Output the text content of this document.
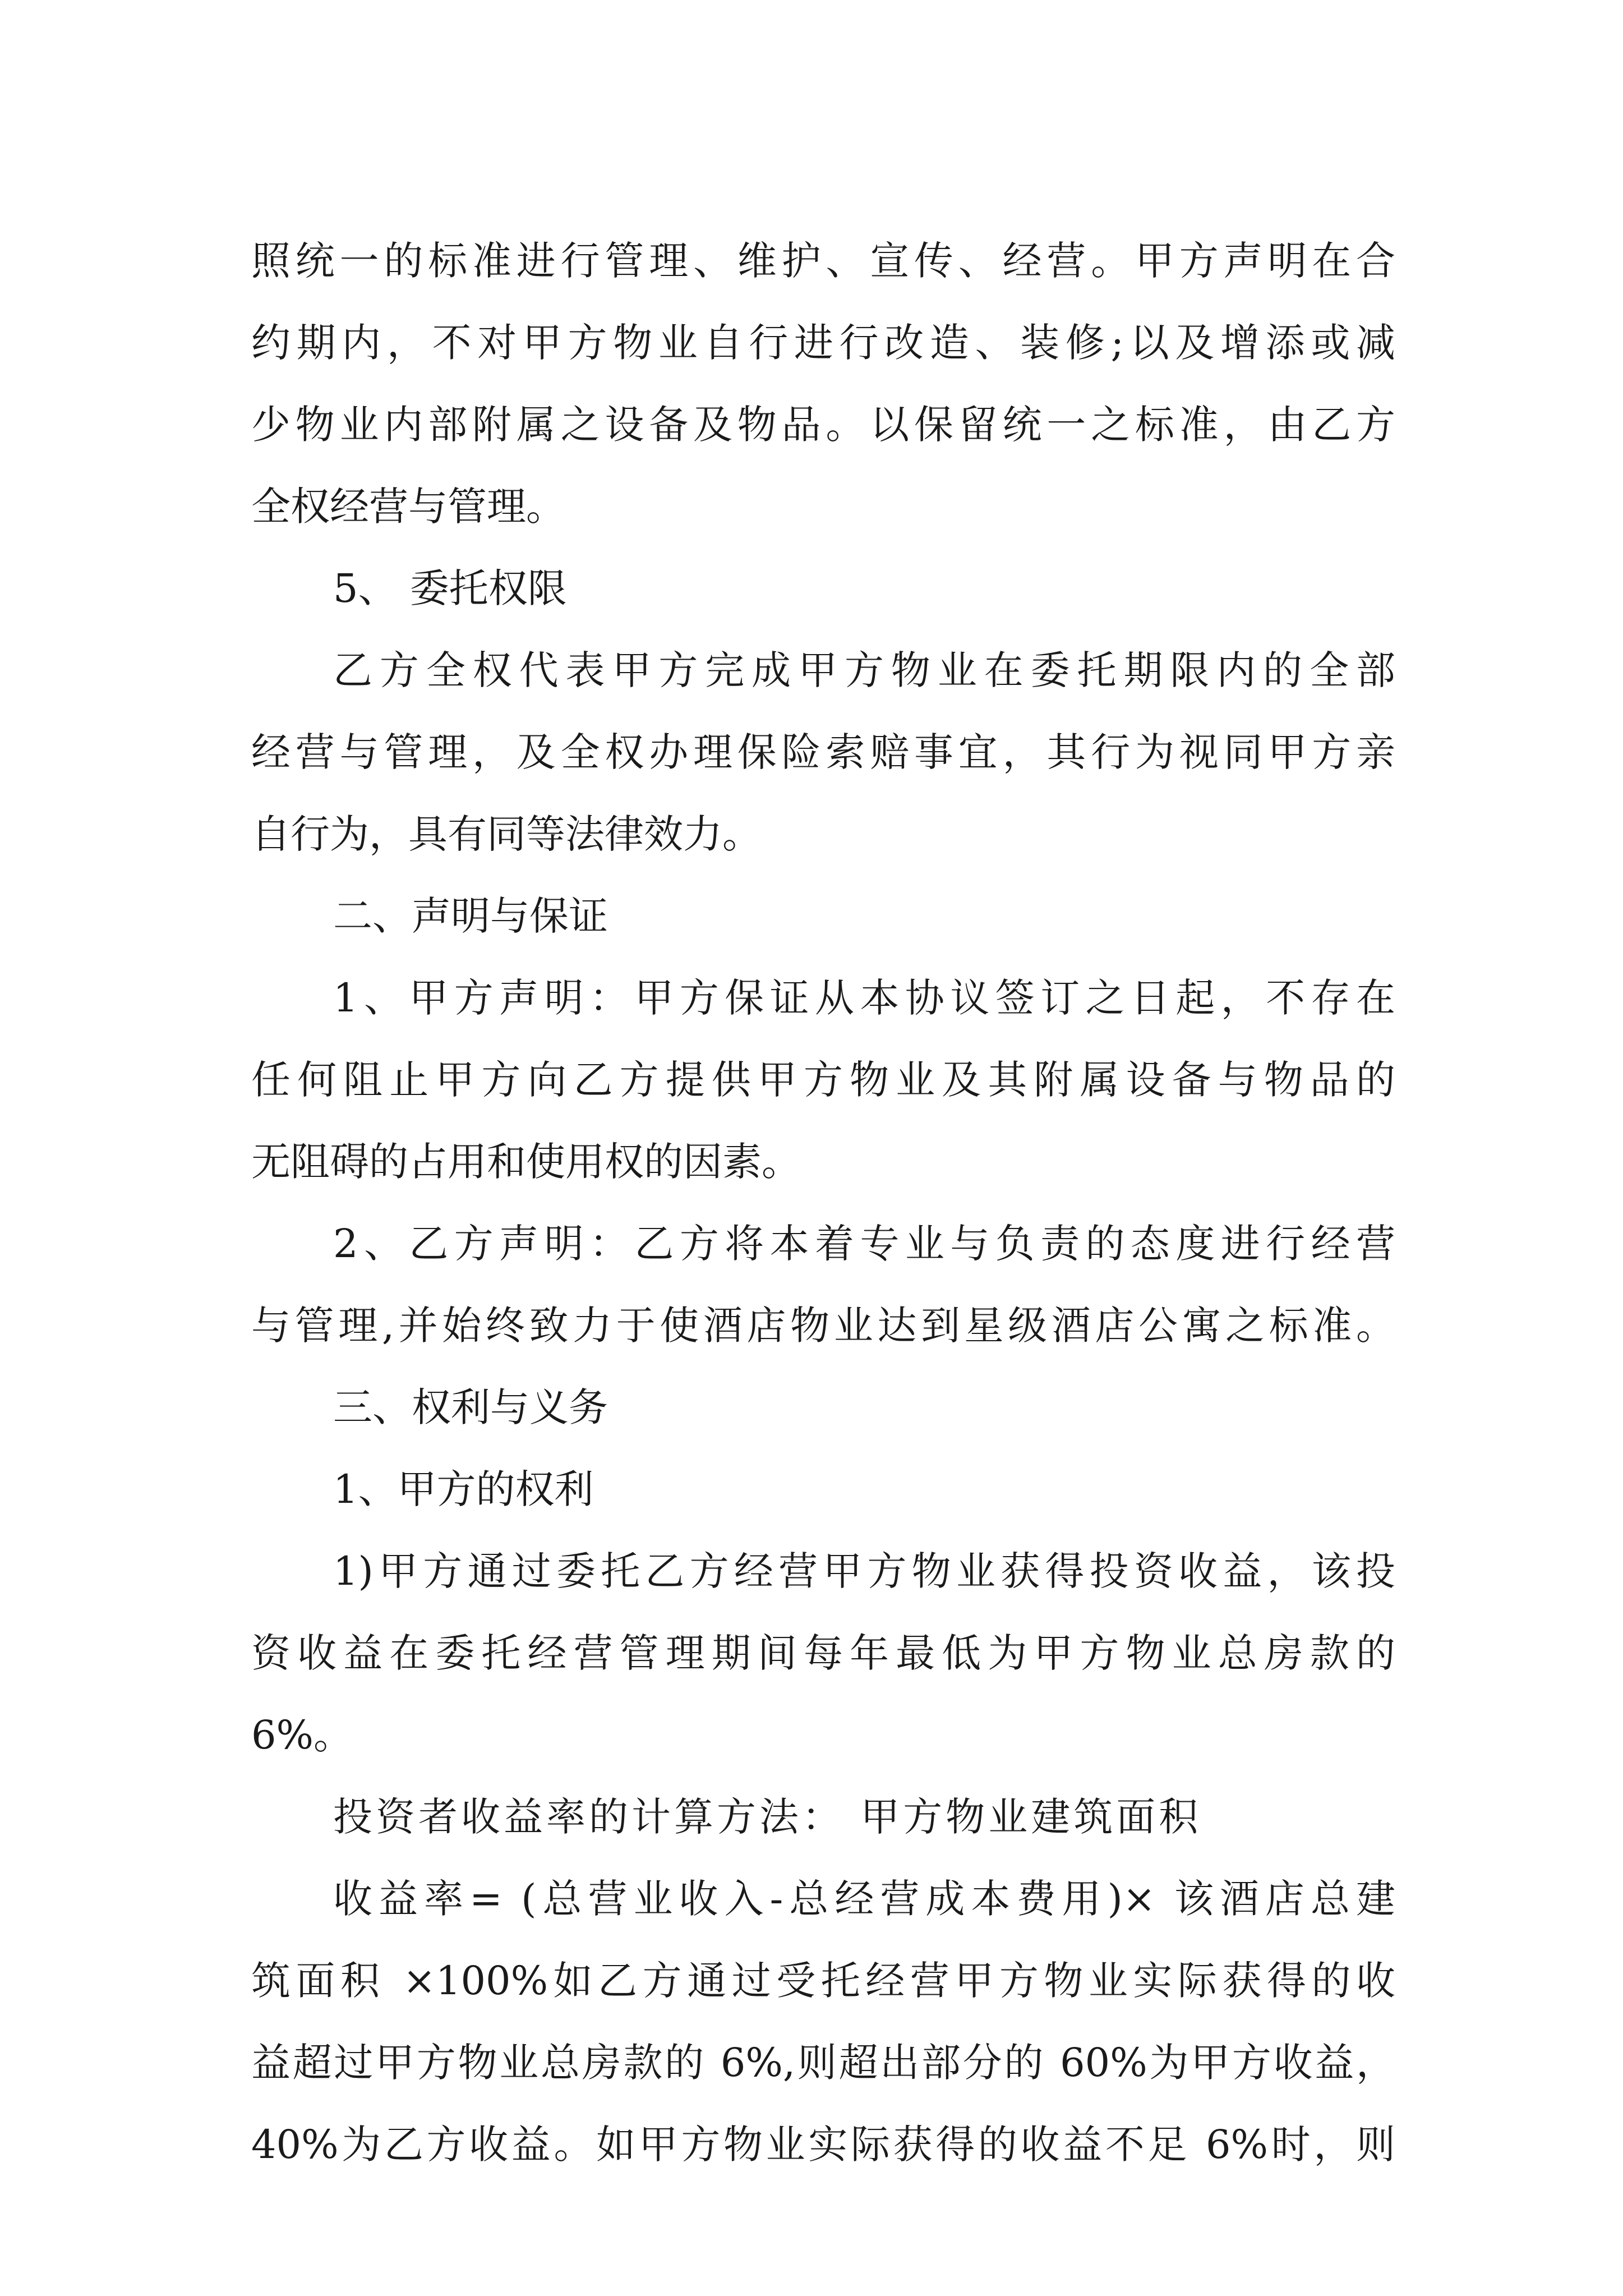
照统一的标准进行管理、维护、宣传、经营。甲方声明在合
约期内，不对甲方物业自行进行改造、装修;以及增添或减
少物业内部附属之设备及物品。以保留统一之标准，由乙方
全权经营与管理。
5、 委托权限
乙方全权代表甲方完成甲方物业在委托期限内的全部
经营与管理，及全权办理保险索赔事宜，其行为视同甲方亲
自行为，具有同等法律效力。
二、声明与保证
1、甲方声明：甲方保证从本协议签订之日起，不存在
任何阻止甲方向乙方提供甲方物业及其附属设备与物品的
无阻碍的占用和使用权的因素。
2、乙方声明：乙方将本着专业与负责的态度进行经营
与管理,并始终致力于使酒店物业达到星级酒店公寓之标准。
三、权利与义务
1、甲方的权利
1)甲方通过委托乙方经营甲方物业获得投资收益，该投
资收益在委托经营管理期间每年最低为甲方物业总房款的
6%。
投资者收益率的计算方法： 甲方物业建筑面积
收益率= (总营业收入-总经营成本费用)× 该酒店总建
筑面积 ×100%如乙方通过受托经营甲方物业实际获得的收
益超过甲方物业总房款的 6%,则超出部分的 60%为甲方收益，
40%为乙方收益。如甲方物业实际获得的收益不足 6%时，则
